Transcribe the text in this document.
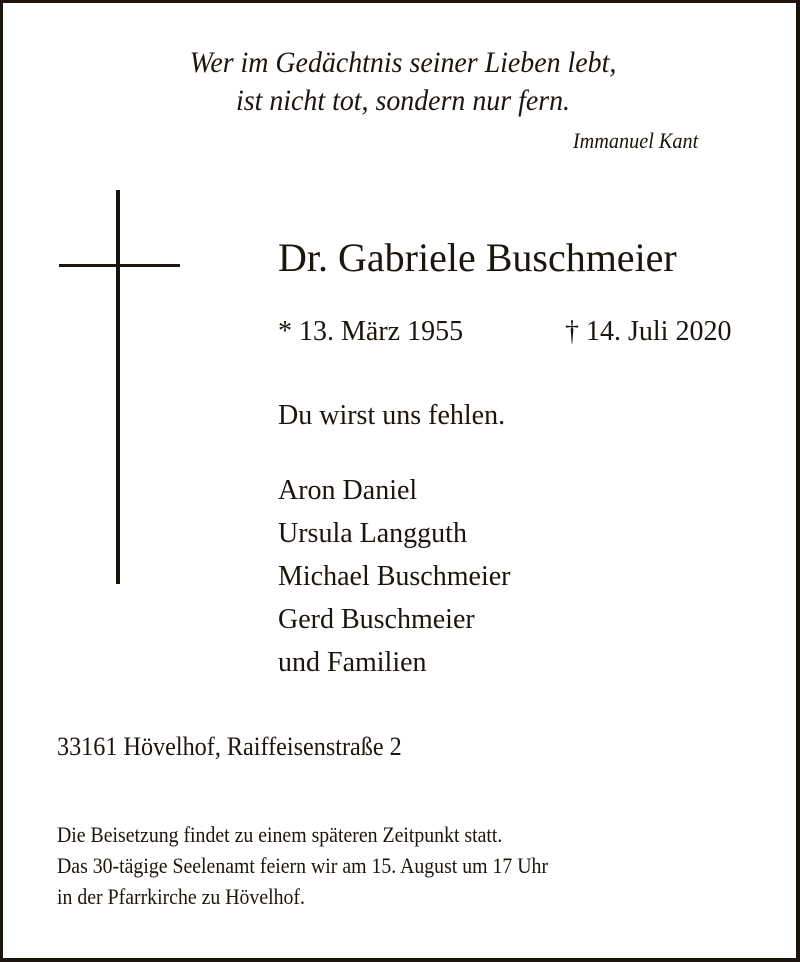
Wer im Gedächtnis seiner Lieben lebt,
ist nicht tot, sondern nur fern.
Immanuel Kant
Dr. Gabriele Buschmeier
* 13. März 1955	† 14. Juli 2020
Du wirst uns fehlen.
Aron Daniel
Ursula Langguth
Michael Buschmeier
Gerd Buschmeier
und Familien
33161 Hövelhof, Raiffeisenstraße 2
Die Beisetzung findet zu einem späteren Zeitpunkt statt.
Das 30-tägige Seelenamt feiern wir am 15. August um 17 Uhr
in der Pfarrkirche zu Hövelhof.
